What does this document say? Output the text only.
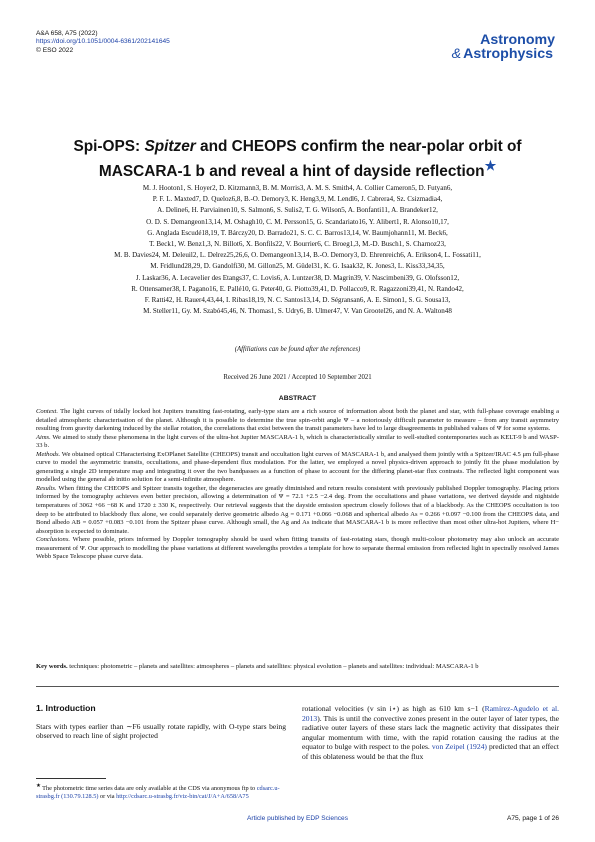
A&A 658, A75 (2022)
https://doi.org/10.1051/0004-6361/202141645
© ESO 2022
Astronomy
& Astrophysics
Spi-OPS: Spitzer and CHEOPS confirm the near-polar orbit of
MASCARA-1 b and reveal a hint of dayside reflection★
M. J. Hooton1, S. Hoyer2, D. Kitzmann3, B. M. Morris3, A. M. S. Smith4, A. Collier Cameron5, D. Futyan6,
P. F. L. Maxted7, D. Queloz6,8, B.-O. Demory3, K. Heng3,9, M. Lendl6, J. Cabrera4, Sz. Csizmadia4,
A. Deline6, H. Parviainen10, S. Salmon6, S. Sulis2, T. G. Wilson5, A. Bonfanti11, A. Brandeker12,
O. D. S. Demangeon13,14, M. Oshagh10, C. M. Persson15, G. Scandariato16, Y. Alibert1, R. Alonso10,17,
G. Anglada Escudé18,19, T. Bárczy20, D. Barrado21, S. C. C. Barros13,14, W. Baumjohann11, M. Beck6,
T. Beck1, W. Benz1,3, N. Billot6, X. Bonfils22, V. Bourrier6, C. Broeg1,3, M.-D. Busch1, S. Charnoz23,
M. B. Davies24, M. Deleuil2, L. Delrez25,26,6, O. Demangeon13,14, B.-O. Demory3, D. Ehrenreich6, A. Erikson4, L. Fossati11,
M. Fridlund28,29, D. Gandolfi30, M. Gillon25, M. Güdel31, K. G. Isaak32, K. Jones3, L. Kiss33,34,35,
J. Laskar36, A. Lecavelier des Etangs37, C. Lovis6, A. Luntzer38, D. Magrin39, V. Nascimbeni39, G. Olofsson12,
R. Ottensamer38, I. Pagano16, E. Pallé10, G. Peter40, G. Piotto39,41, D. Pollacco9, R. Ragazzoni39,41, N. Rando42,
F. Ratti42, H. Rauer4,43,44, I. Ribas18,19, N. C. Santos13,14, D. Ségransan6, A. E. Simon1, S. G. Sousa13,
M. Steller11, Gy. M. Szabó45,46, N. Thomas1, S. Udry6, B. Ulmer47, V. Van Grootel26, and N. A. Walton48
(Affiliations can be found after the references)
Received 26 June 2021 / Accepted 10 September 2021
ABSTRACT

Context. The light curves of tidally locked hot Jupiters transiting fast-rotating, early-type stars are a rich source of information about both the planet and star, with full-phase coverage enabling a detailed atmospheric characterisation of the planet. Although it is possible to determine the true spin-orbit angle Ψ – a notoriously difficult parameter to measure – from any transit asymmetry resulting from gravity darkening induced by the stellar rotation, the correlations that exist between the transit parameters have led to large disagreements in published values of Ψ for some systems.

Aims. We aimed to study these phenomena in the light curves of the ultra-hot Jupiter MASCARA-1 b, which is characteristically similar to well-studied contemporaries such as KELT-9 b and WASP-33 b.

Methods. We obtained optical CHaracterising ExOPlanet Satellite (CHEOPS) transit and occultation light curves of MASCARA-1 b, and analysed them jointly with a Spitzer/IRAC 4.5 μm full-phase curve to model the asymmetric transits, occultations, and phase-dependent flux modulation. For the latter, we employed a novel physics-driven approach to jointly fit the phase modulation by generating a single 2D temperature map and integrating it over the two bandpasses as a function of phase to account for the differing planet-star flux contrasts. The reflected light component was modelled using the general ab initio solution for a semi-infinite atmosphere.

Results. When fitting the CHEOPS and Spitzer transits together, the degeneracies are greatly diminished and return results consistent with previously published Doppler tomography. Placing priors informed by the tomography achieves even better precision, allowing a determination of Ψ = 72.1 +2.5 −2.4 deg. From the occultations and phase variations, we derived dayside and nightside temperatures of 3062 +66 −68 K and 1720 ± 330 K, respectively. Our retrieval suggests that the dayside emission spectrum closely follows that of a blackbody. As the CHEOPS occultation is too deep to be attributed to blackbody flux alone, we could separately derive geometric albedo Ag = 0.171 +0.066 −0.068 and spherical albedo As = 0.266 +0.097 −0.100 from the CHEOPS data, and Bond albedo AB = 0.057 +0.083 −0.101 from the Spitzer phase curve. Although small, the Ag and As indicate that MASCARA-1 b is more reflective than most other ultra-hot Jupiters, where H− absorption is expected to dominate.

Conclusions. Where possible, priors informed by Doppler tomography should be used when fitting transits of fast-rotating stars, though multi-colour photometry may also unlock an accurate measurement of Ψ. Our approach to modelling the phase variations at different wavelengths provides a template for how to separate thermal emission from reflected light in spectrally resolved James Webb Space Telescope phase curve data.

Key words. techniques: photometric – planets and satellites: atmospheres – planets and satellites: physical evolution – planets and satellites: individual: MASCARA-1 b
1. Introduction

Stars with types earlier than ∼F6 usually rotate rapidly, with O-type stars being observed to reach line of sight projected

rotational velocities (v sin i⋆) as high as 610 km s−1 (Ramírez-Agudelo et al. 2013). This is until the convective zones present in the outer layer of later types, the radiative outer layers of these stars lack the magnetic activity that dissipates their angular momentum with time, with the rapid rotation causing the radius at the equator to bulge with respect to the poles. von Zeipel (1924) predicted that an effect of this oblateness would be that the flux

★ The photometric time series data are only available at the CDS via anonymous ftp to cdsarc.u-strasbg.fr (130.79.128.5) or via http://cdsarc.u-strasbg.fr/viz-bin/cat/J/A+A/658/A75
Article published by EDP Sciences	A75, page 1 of 26
